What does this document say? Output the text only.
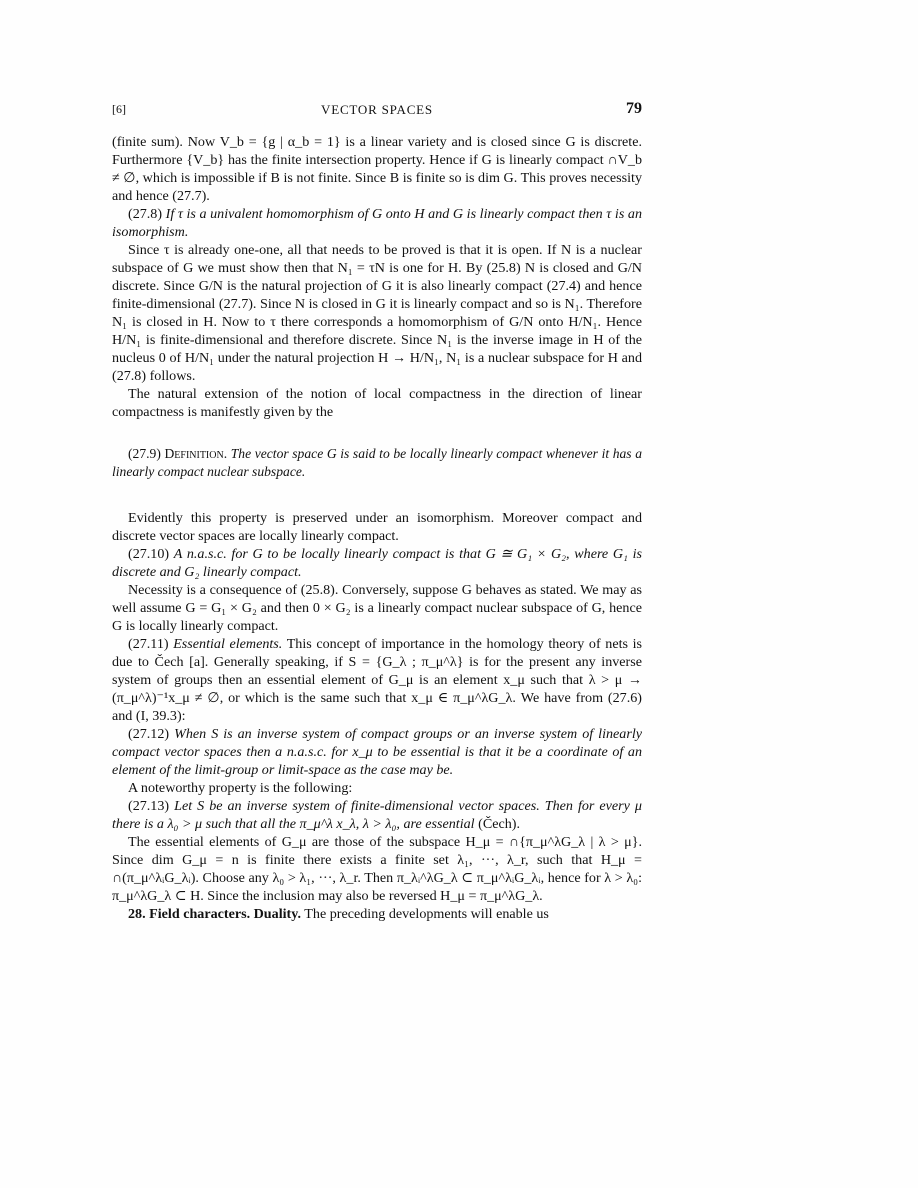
[6]	VECTOR SPACES	79

(finite sum). Now V_b = {g | α_b = 1} is a linear variety and is closed since G is discrete. Furthermore {V_b} has the finite intersection property. Hence if G is linearly compact ∩V_b ≠ ∅, which is impossible if B is not finite. Since B is finite so is dim G. This proves necessity and hence (27.7).

(27.8) If τ is a univalent homomorphism of G onto H and G is linearly compact then τ is an isomorphism.

Since τ is already one-one, all that needs to be proved is that it is open. If N is a nuclear subspace of G we must show then that N₁ = τN is one for H. By (25.8) N is closed and G/N discrete. Since G/N is the natural projection of G it is also linearly compact (27.4) and hence finite-dimensional (27.7). Since N is closed in G it is linearly compact and so is N₁. Therefore N₁ is closed in H. Now to τ there corresponds a homomorphism of G/N onto H/N₁. Hence H/N₁ is finite-dimensional and therefore discrete. Since N₁ is the inverse image in H of the nucleus 0 of H/N₁ under the natural projection H → H/N₁, N₁ is a nuclear subspace for H and (27.8) follows.

The natural extension of the notion of local compactness in the direction of linear compactness is manifestly given by the

(27.9) Definition. The vector space G is said to be locally linearly compact whenever it has a linearly compact nuclear subspace.

Evidently this property is preserved under an isomorphism. Moreover compact and discrete vector spaces are locally linearly compact.

(27.10) A n.a.s.c. for G to be locally linearly compact is that G ≅ G₁ × G₂, where G₁ is discrete and G₂ linearly compact.

Necessity is a consequence of (25.8). Conversely, suppose G behaves as stated. We may as well assume G = G₁ × G₂ and then 0 × G₂ is a linearly compact nuclear subspace of G, hence G is locally linearly compact.

(27.11) Essential elements. This concept of importance in the homology theory of nets is due to Čech [a]. Generally speaking, if S = {G_λ ; π_μ^λ} is for the present any inverse system of groups then an essential element of G_μ is an element x_μ such that λ > μ → (π_μ^λ)⁻¹x_μ ≠ ∅, or which is the same such that x_μ ∈ π_μ^λG_λ. We have from (27.6) and (I, 39.3):

(27.12) When S is an inverse system of compact groups or an inverse system of linearly compact vector spaces then a n.a.s.c. for x_μ to be essential is that it be a coordinate of an element of the limit-group or limit-space as the case may be.

A noteworthy property is the following:

(27.13) Let S be an inverse system of finite-dimensional vector spaces. Then for every μ there is a λ₀ > μ such that all the π_μ^λ x_λ, λ > λ₀, are essential (Čech).

The essential elements of G_μ are those of the subspace H_μ = ∩{π_μ^λG_λ | λ > μ}. Since dim G_μ = n is finite there exists a finite set λ₁, ···, λ_r, such that H_μ = ∩(π_μ^λᵢG_λᵢ). Choose any λ₀ > λ₁, ···, λ_r. Then π_λᵢ^λG_λ ⊂ π_μ^λᵢG_λᵢ, hence for λ > λ₀: π_μ^λG_λ ⊂ H. Since the inclusion may also be reversed H_μ = π_μ^λG_λ.

28. Field characters. Duality. The preceding developments will enable us
